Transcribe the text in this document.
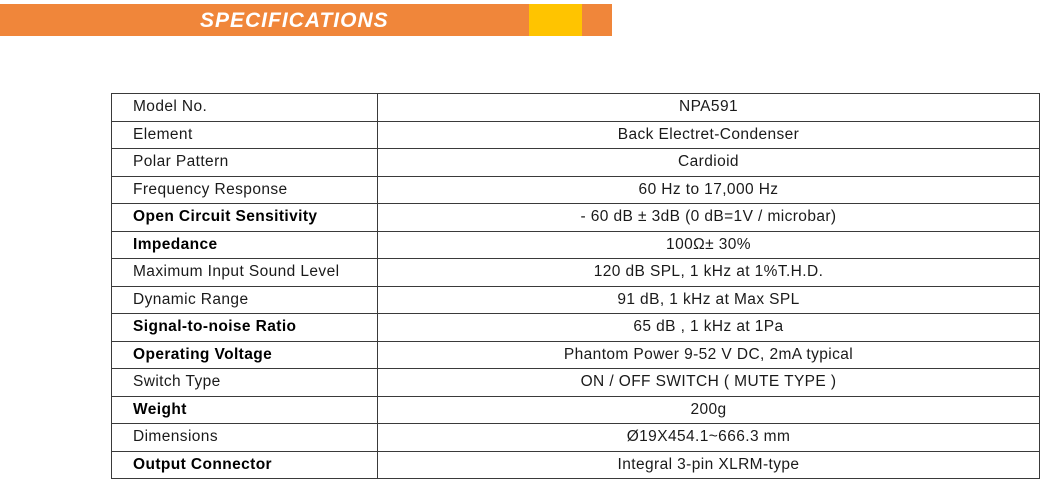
SPECIFICATIONS
Model No.	NPA591
Element	Back Electret-Condenser
Polar Pattern	Cardioid
Frequency Response	60 Hz to 17,000 Hz
Open Circuit Sensitivity	- 60 dB ± 3dB (0 dB=1V / microbar)
Impedance	100Ω± 30%
Maximum Input Sound Level	120 dB SPL, 1 kHz at 1%T.H.D.
Dynamic Range	91 dB, 1 kHz at Max SPL
Signal-to-noise Ratio	65 dB , 1 kHz at 1Pa
Operating Voltage	Phantom Power 9-52 V DC, 2mA typical
Switch Type	ON / OFF SWITCH ( MUTE TYPE )
Weight	200g
Dimensions	Ø19X454.1~666.3 mm
Output Connector	Integral 3-pin XLRM-type
